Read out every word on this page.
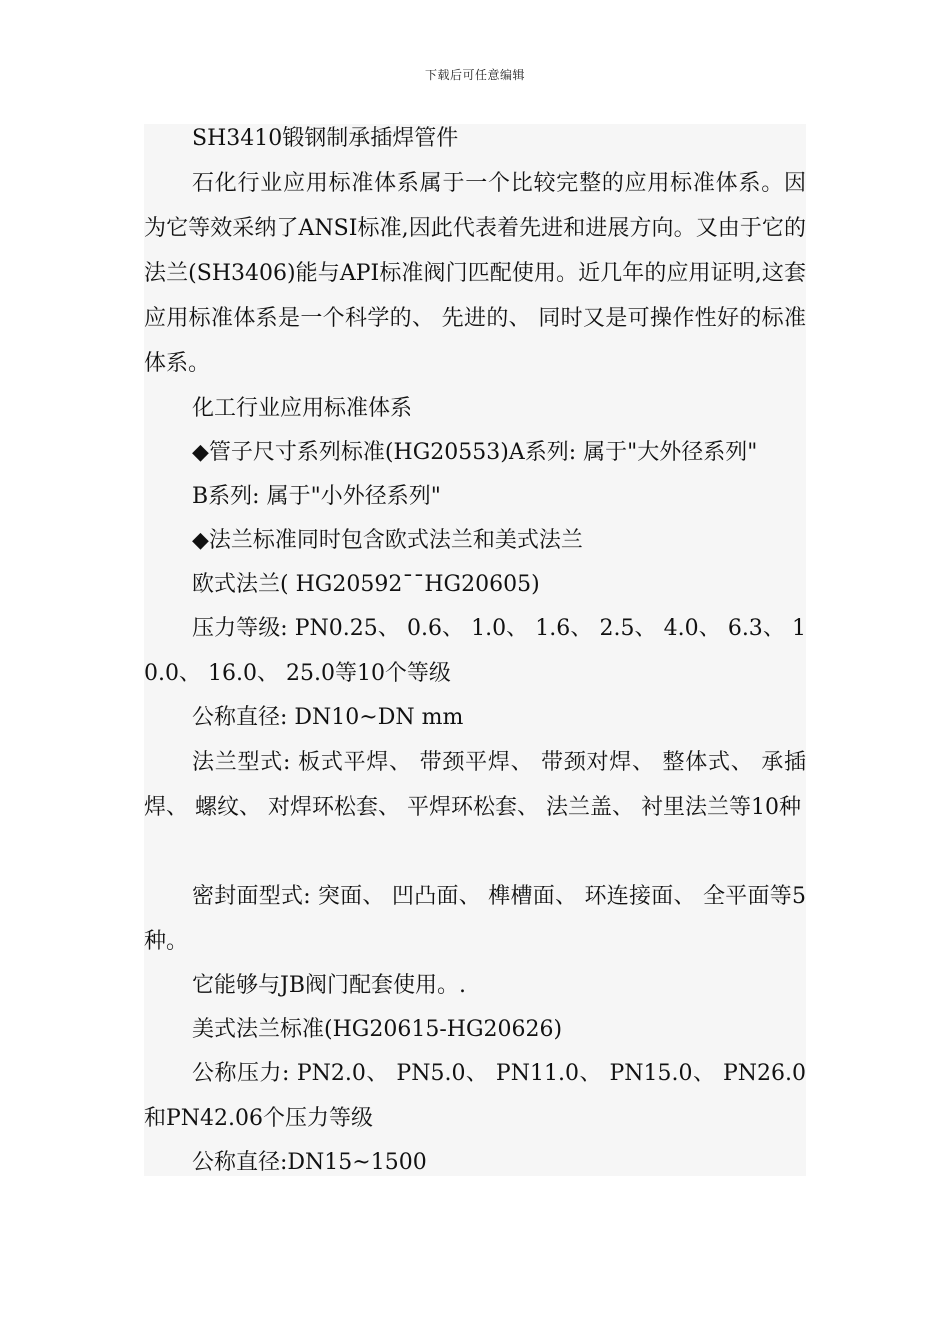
下载后可任意编辑
SH3410锻钢制承插焊管件
石化行业应用标准体系属于一个比较完整的应用标准体系。因为它等效采纳了ANSI标准,因此代表着先进和进展方向。又由于它的法兰(SH3406)能与API标准阀门匹配使用。近几年的应用证明,这套应用标准体系是一个科学的、 先进的、 同时又是可操作性好的标准体系。
化工行业应用标准体系
◆管子尺寸系列标准(HG20553)A系列: 属于"大外径系列"
B系列: 属于"小外径系列"
◆法兰标准同时包含欧式法兰和美式法兰
欧式法兰( HG20592¯¯HG20605)
压力等级: PN0.25、 0.6、 1.0、 1.6、 2.5、 4.0、 6.3、 10.0、 16.0、 25.0等10个等级
公称直径: DN10~DN mm
法兰型式: 板式平焊、 带颈平焊、 带颈对焊、 整体式、 承插焊、 螺纹、 对焊环松套、 平焊环松套、 法兰盖、 衬里法兰等10种
密封面型式: 突面、 凹凸面、 榫槽面、 环连接面、 全平面等5种。
它能够与JB阀门配套使用。.
美式法兰标准(HG20615-HG20626)
公称压力: PN2.0、 PN5.0、 PN11.0、 PN15.0、 PN26.0和PN42.06个压力等级
公称直径:DN15~1500
